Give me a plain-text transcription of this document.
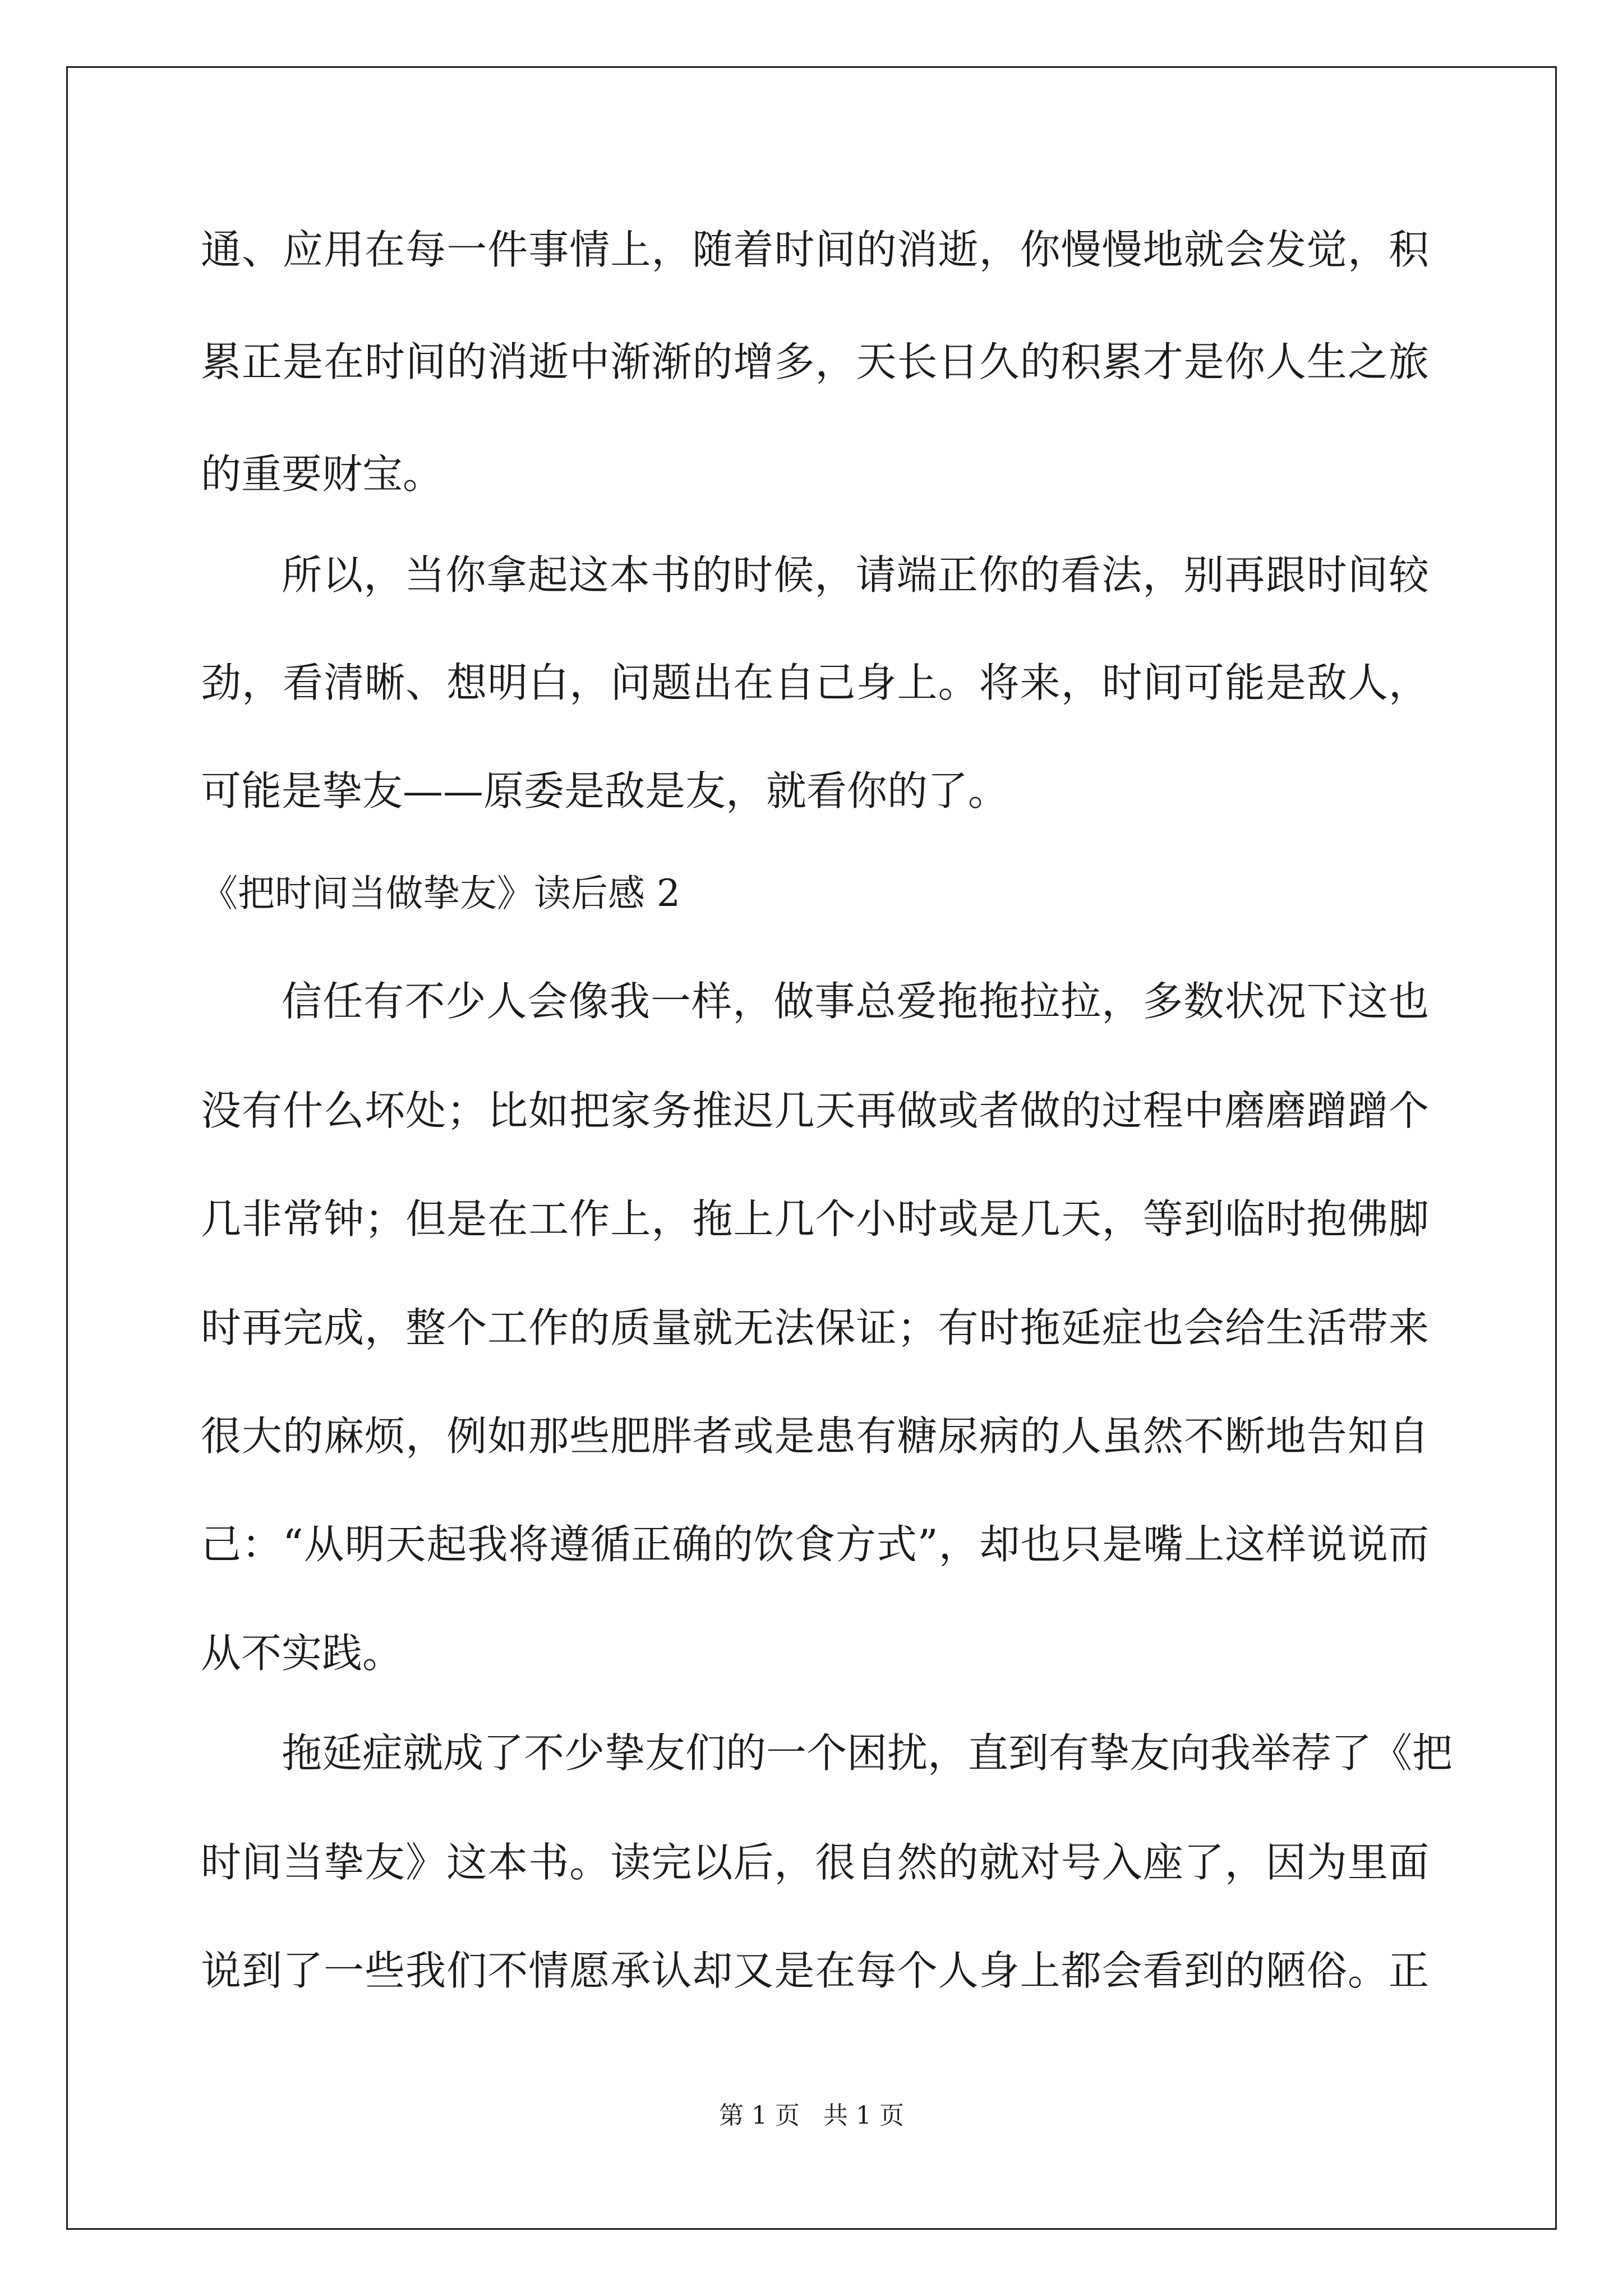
通、应用在每一件事情上，随着时间的消逝，你慢慢地就会发觉，积
累正是在时间的消逝中渐渐的增多，天长日久的积累才是你人生之旅
的重要财宝。
所以，当你拿起这本书的时候，请端正你的看法，别再跟时间较
劲，看清晰、想明白，问题出在自己身上。将来，时间可能是敌人，
可能是挚友——原委是敌是友，就看你的了。
《把时间当做挚友》读后感 2
信任有不少人会像我一样，做事总爱拖拖拉拉，多数状况下这也
没有什么坏处；比如把家务推迟几天再做或者做的过程中磨磨蹭蹭个
几非常钟；但是在工作上，拖上几个小时或是几天，等到临时抱佛脚
时再完成，整个工作的质量就无法保证；有时拖延症也会给生活带来
很大的麻烦，例如那些肥胖者或是患有糖尿病的人虽然不断地告知自
己：“从明天起我将遵循正确的饮食方式”，却也只是嘴上这样说说而
从不实践。
拖延症就成了不少挚友们的一个困扰，直到有挚友向我举荐了《把
时间当挚友》这本书。读完以后，很自然的就对号入座了，因为里面
说到了一些我们不情愿承认却又是在每个人身上都会看到的陋俗。正
第 1 页   共 1 页
